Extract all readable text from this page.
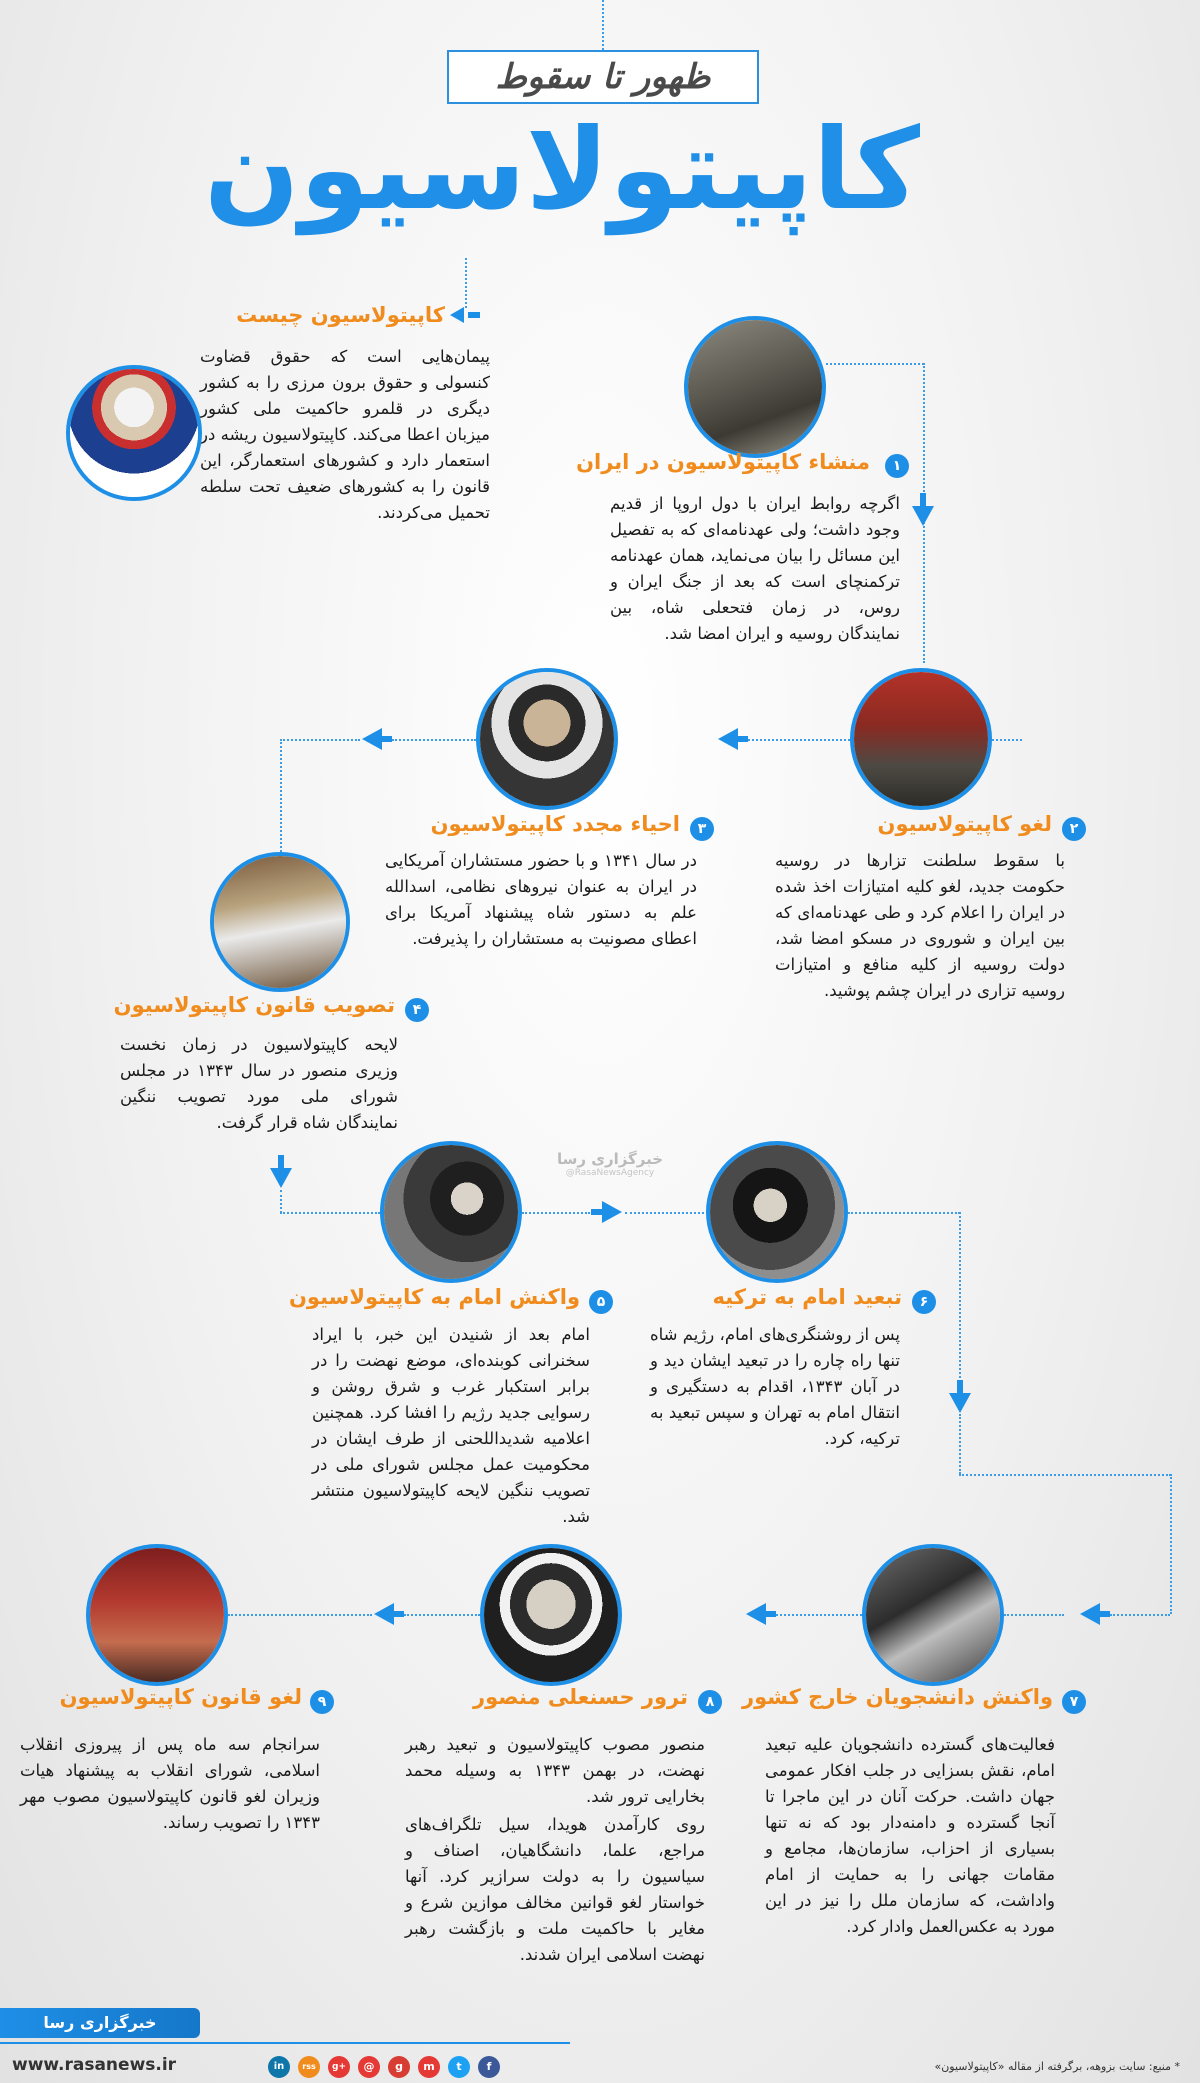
ظهور تا سقوط
کاپیتولاسیون
کاپیتولاسیون چیست
پیمان‌هایی است که حقوق قضاوت کنسولی و حقوق برون مرزی را به کشور دیگری در قلمرو حاکمیت ملی کشور میزبان اعطا می‌کند. کاپیتولاسیون ریشه در استعمار دارد و کشورهای استعمارگر، این قانون را به کشورهای ضعیف تحت سلطه تحمیل می‌کردند.
۱
منشاء کاپیتولاسیون در ایران
اگرچه روابط ایران با دول اروپا از قدیم وجود داشت؛ ولی عهدنامه‌ای که به تفصیل این مسائل را بیان می‌نماید، همان عهدنامه ترکمنچای است که بعد از جنگ ایران و روس، در زمان فتحعلی شاه، بین نمایندگان روسیه و ایران امضا شد.
۲
لغو کاپیتولاسیون
با سقوط سلطنت تزارها در روسیه حکومت جدید، لغو کلیه امتیازات اخذ شده در ایران را اعلام کرد و طی عهدنامه‌ای که بین ایران و شوروی در مسکو امضا شد، دولت روسیه از کلیه منافع و امتیازات روسیه تزاری در ایران چشم پوشید.
۳
احیاء مجدد کاپیتولاسیون
در سال ۱۳۴۱ و با حضور مستشاران آمریکایی در ایران به عنوان نیروهای نظامی، اسدالله علم به دستور شاه پیشنهاد آمریکا برای اعطای مصونیت به مستشاران را پذیرفت.
۴
تصویب قانون کاپیتولاسیون
لایحه کاپیتولاسیون در زمان نخست وزیری منصور در سال ۱۳۴۳ در مجلس شورای ملی مورد تصویب ننگین نمایندگان شاه قرار گرفت.
۵
واکنش امام به کاپیتولاسیون
امام بعد از شنیدن این خبر، با ایراد سخنرانی کوبنده‌ای، موضع نهضت را در برابر استکبار غرب و شرق روشن و رسوایی جدید رژیم را افشا کرد. همچنین اعلامیه شدیداللحنی از طرف ایشان در محکومیت عمل مجلس شورای ملی در تصویب ننگین لایحه کاپیتولاسیون منتشر شد.
خبرگزاری رسا
@RasaNewsAgency
۶
تبعید امام به ترکیه
پس از روشنگری‌های امام، رژیم شاه تنها راه چاره را در تبعید ایشان دید و در آبان ۱۳۴۳، اقدام به دستگیری و انتقال امام به تهران و سپس تبعید به ترکیه، کرد.
۷
واکنش دانشجویان خارج کشور
فعالیت‌های گسترده دانشجویان علیه تبعید امام، نقش بسزایی در جلب افکار عمومی جهان داشت. حرکت آنان در این ماجرا تا آنجا گسترده و دامنه‌دار بود که نه تنها بسیاری از احزاب، سازمان‌ها، مجامع و مقامات جهانی را به حمایت از امام واداشت، که سازمان ملل را نیز در این مورد به عکس‌العمل وادار کرد.
۸
ترور حسنعلی منصور
منصور مصوب کاپیتولاسیون و تبعید رهبر نهضت، در بهمن ۱۳۴۳ به وسیله محمد بخارایی ترور شد.
روی کارآمدن هویدا، سیل تلگراف‌های مراجع، علما، دانشگاهیان، اصناف و سیاسیون را به دولت سرازیر کرد. آنها خواستار لغو قوانین مخالف موازین شرع و مغایر با حاکمیت ملت و بازگشت رهبر نهضت اسلامی ایران شدند.
۹
لغو قانون کاپیتولاسیون
سرانجام سه ماه پس از پیروزی انقلاب اسلامی، شورای انقلاب به پیشنهاد هیات وزیران لغو قانون کاپیتولاسیون مصوب مهر ۱۳۴۳ را تصویب رساند.
خبرگزاری رسا
www.rasanews.ir	* منبع: سایت بزوهه، برگرفته از مقاله «کاپیتولاسیون»
f
t
m
g
@
g+
rss
in
